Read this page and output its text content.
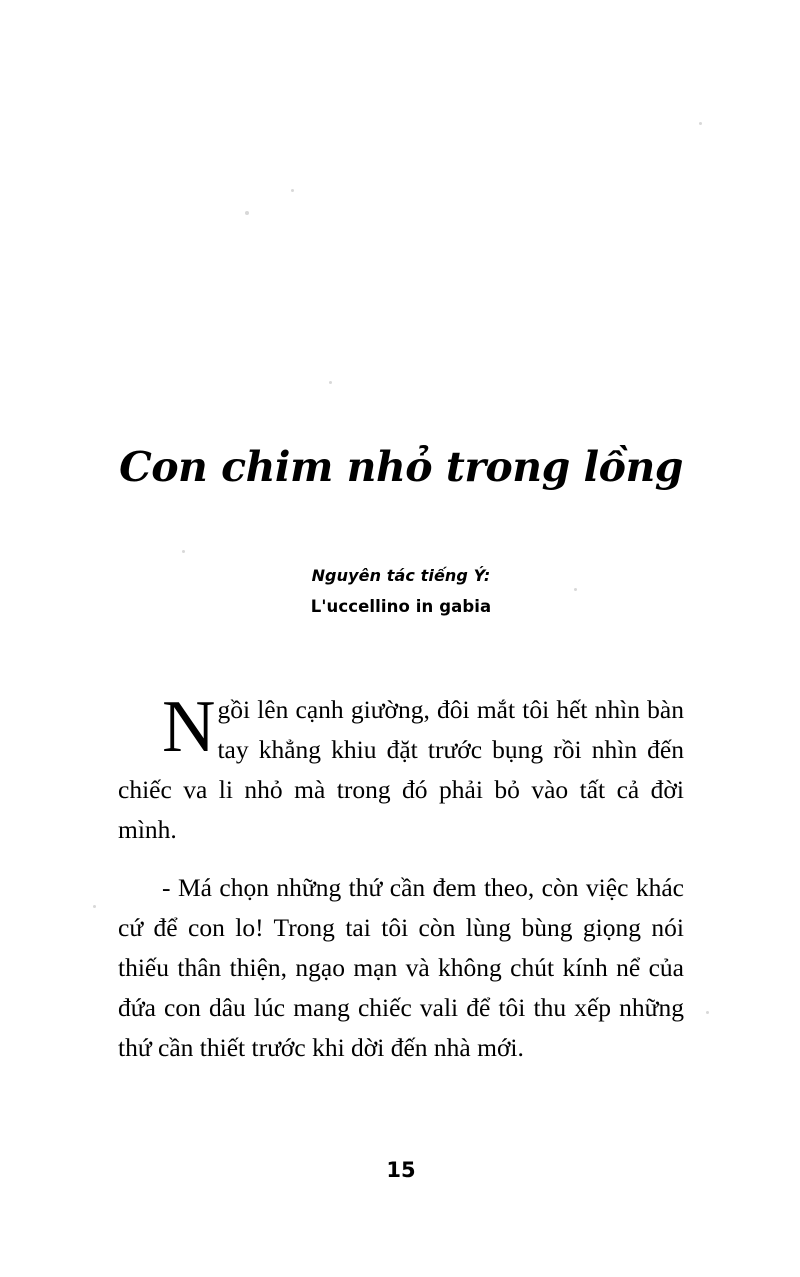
Con chim nhỏ trong lồng
Nguyên tác tiếng Ý:
L'uccellino in gabia

Ngồi lên cạnh giường, đôi mắt tôi hết nhìn bàn tay khẳng khiu đặt trước bụng rồi nhìn đến chiếc va li nhỏ mà trong đó phải bỏ vào tất cả đời mình.

- Má chọn những thứ cần đem theo, còn việc khác cứ để con lo! Trong tai tôi còn lùng bùng giọng nói thiếu thân thiện, ngạo mạn và không chút kính nể của đứa con dâu lúc mang chiếc vali để tôi thu xếp những thứ cần thiết trước khi dời đến nhà mới.

15
